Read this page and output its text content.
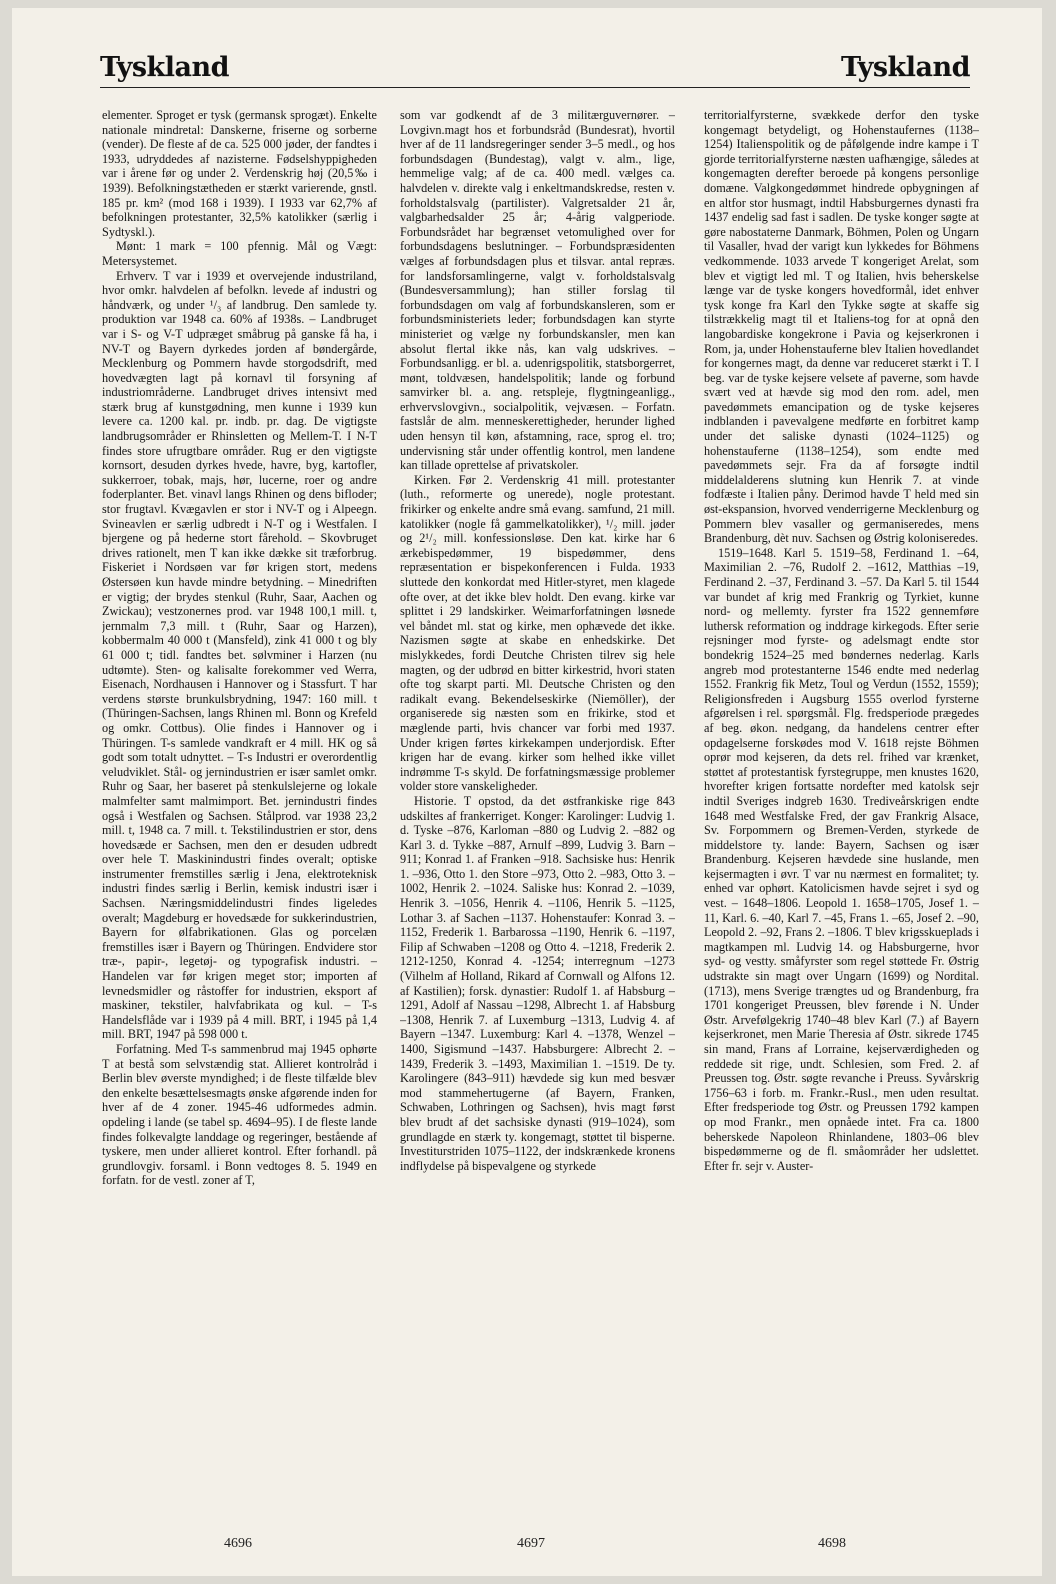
Tyskland	Tyskland

elementer. Sproget er tysk (germansk sprogæt). Enkelte nationale mindretal: Danskerne, friserne og sorberne (vender). De fleste af de ca. 525 000 jøder, der fandtes i 1933, udryddedes af nazisterne. Fødselshyppigheden var i årene før og under 2. Verdenskrig høj (20,5‰ i 1939). Befolkningstætheden er stærkt varierende, gnstl. 185 pr. km² (mod 168 i 1939). I 1933 var 62,7% af befolkningen protestanter, 32,5% katolikker (særlig i Sydtyskl.).

Mønt: 1 mark = 100 pfennig. Mål og Vægt: Metersystemet.

Erhverv. T var i 1939 et overvejende industriland, hvor omkr. halvdelen af befolkn. levede af industri og håndværk, og under ¹/₃ af landbrug. Den samlede ty. produktion var 1948 ca. 60% af 1938s. – Landbruget var i S- og V-T udpræget småbrug på ganske få ha, i NV-T og Bayern dyrkedes jorden af bøndergårde, Mecklenburg og Pommern havde storgodsdrift, med hovedvægten lagt på kornavl til forsyning af industriområderne. Landbruget drives intensivt med stærk brug af kunstgødning, men kunne i 1939 kun levere ca. 1200 kal. pr. indb. pr. dag. De vigtigste landbrugsområder er Rhinsletten og Mellem-T. I N-T findes store ufrugtbare områder. Rug er den vigtigste kornsort, desuden dyrkes hvede, havre, byg, kartofler, sukkerroer, tobak, majs, hør, lucerne, roer og andre foderplanter. Bet. vinavl langs Rhinen og dens bifloder; stor frugtavl. Kvægavlen er stor i NV-T og i Alpeegn. Svineavlen er særlig udbredt i N-T og i Westfalen. I bjergene og på hederne stort fårehold. – Skovbruget drives rationelt, men T kan ikke dække sit træforbrug. Fiskeriet i Nordsøen var før krigen stort, medens Østersøen kun havde mindre betydning. – Minedriften er vigtig; der brydes stenkul (Ruhr, Saar, Aachen og Zwickau); vestzonernes prod. var 1948 100,1 mill. t, jernmalm 7,3 mill. t (Ruhr, Saar og Harzen), kobbermalm 40 000 t (Mansfeld), zink 41 000 t og bly 61 000 t; tidl. fandtes bet. sølvminer i Harzen (nu udtømte). Sten- og kalisalte forekommer ved Werra, Eisenach, Nordhausen i Hannover og i Stassfurt. T har verdens største brunkulsbrydning, 1947: 160 mill. t (Thüringen-Sachsen, langs Rhinen ml. Bonn og Krefeld og omkr. Cottbus). Olie findes i Hannover og i Thüringen. T-s samlede vandkraft er 4 mill. HK og så godt som totalt udnyttet. – T-s Industri er overordentlig veludviklet. Stål- og jernindustrien er især samlet omkr. Ruhr og Saar, her baseret på stenkulslejerne og lokale malmfelter samt malmimport. Bet. jernindustri findes også i Westfalen og Sachsen. Stålprod. var 1938 23,2 mill. t, 1948 ca. 7 mill. t. Tekstilindustrien er stor, dens hovedsæde er Sachsen, men den er desuden udbredt over hele T. Maskinindustri findes overalt; optiske instrumenter fremstilles særlig i Jena, elektroteknisk industri findes særlig i Berlin, kemisk industri især i Sachsen. Næringsmiddelindustri findes ligeledes overalt; Magdeburg er hovedsæde for sukkerindustrien, Bayern for ølfabrikationen. Glas og porcelæn fremstilles især i Bayern og Thüringen. Endvidere stor træ-, papir-, legetøj- og typografisk industri. – Handelen var før krigen meget stor; importen af levnedsmidler og råstoffer for industrien, eksport af maskiner, tekstiler, halvfabrikata og kul. – T-s Handelsflåde var i 1939 på 4 mill. BRT, i 1945 på 1,4 mill. BRT, 1947 på 598 000 t.

Forfatning. Med T-s sammenbrud maj 1945 ophørte T at bestå som selvstændig stat. Allieret kontrolråd i Berlin blev øverste myndighed; i de fleste tilfælde blev den enkelte besættelsesmagts ønske afgørende inden for hver af de 4 zoner. 1945-46 udformedes admin. opdeling i lande (se tabel sp. 4694–95). I de fleste lande findes folkevalgte landdage og regeringer, bestående af tyskere, men under allieret kontrol. Efter forhandl. på grundlovgiv. forsaml. i Bonn vedtoges 8. 5. 1949 en forfatn. for de vestl. zoner af T,

som var godkendt af de 3 militærguvernører. – Lovgivn.magt hos et forbundsråd (Bundesrat), hvortil hver af de 11 landsregeringer sender 3–5 medl., og hos forbundsdagen (Bundestag), valgt v. alm., lige, hemmelige valg; af de ca. 400 medl. vælges ca. halvdelen v. direkte valg i enkeltmandskredse, resten v. forholdstalsvalg (partilister). Valgretsalder 21 år, valgbarhedsalder 25 år; 4-årig valgperiode. Forbundsrådet har begrænset vetomulighed over for forbundsdagens beslutninger. – Forbundspræsidenten vælges af forbundsdagen plus et tilsvar. antal repræs. for landsforsamlingerne, valgt v. forholdstalsvalg (Bundesversammlung); han stiller forslag til forbundsdagen om valg af forbundskansleren, som er forbundsministeriets leder; forbundsdagen kan styrte ministeriet og vælge ny forbundskansler, men kan absolut flertal ikke nås, kan valg udskrives. – Forbundsanligg. er bl. a. udenrigspolitik, statsborgerret, mønt, toldvæsen, handelspolitik; lande og forbund samvirker bl. a. ang. retspleje, flygtningeanligg., erhvervslovgivn., socialpolitik, vejvæsen. – Forfatn. fastslår de alm. menneskerettigheder, herunder lighed uden hensyn til køn, afstamning, race, sprog el. tro; undervisning står under offentlig kontrol, men landene kan tillade oprettelse af privatskoler.

Kirken. Før 2. Verdenskrig 41 mill. protestanter (luth., reformerte og unerede), nogle protestant. frikirker og enkelte andre små evang. samfund, 21 mill. katolikker (nogle få gammelkatolikker), ¹/₂ mill. jøder og 2¹/₂ mill. konfessionsløse. Den kat. kirke har 6 ærkebispedømmer, 19 bispedømmer, dens repræsentation er bispekonferencen i Fulda. 1933 sluttede den konkordat med Hitler-styret, men klagede ofte over, at det ikke blev holdt. Den evang. kirke var splittet i 29 landskirker. Weimarforfatningen løsnede vel båndet ml. stat og kirke, men ophævede det ikke. Nazismen søgte at skabe en enhedskirke. Det mislykkedes, fordi Deutche Christen tilrev sig hele magten, og der udbrød en bitter kirkestrid, hvori staten ofte tog skarpt parti. Ml. Deutsche Christen og den radikalt evang. Bekendelseskirke (Niemöller), der organiserede sig næsten som en frikirke, stod et mæglende parti, hvis chancer var forbi med 1937. Under krigen førtes kirkekampen underjordisk. Efter krigen har de evang. kirker som helhed ikke villet indrømme T-s skyld. De forfatningsmæssige problemer volder store vanskeligheder.

Historie. T opstod, da det østfrankiske rige 843 udskiltes af frankerriget. Konger: Karolinger: Ludvig 1. d. Tyske –876, Karloman –880 og Ludvig 2. –882 og Karl 3. d. Tykke –887, Arnulf –899, Ludvig 3. Barn –911; Konrad 1. af Franken –918. Sachsiske hus: Henrik 1. –936, Otto 1. den Store –973, Otto 2. –983, Otto 3. –1002, Henrik 2. –1024. Saliske hus: Konrad 2. –1039, Henrik 3. –1056, Henrik 4. –1106, Henrik 5. –1125, Lothar 3. af Sachen –1137. Hohenstaufer: Konrad 3. –1152, Frederik 1. Barbarossa –1190, Henrik 6. –1197, Filip af Schwaben –1208 og Otto 4. –1218, Frederik 2. 1212-1250, Konrad 4. -1254; interregnum –1273 (Vilhelm af Holland, Rikard af Cornwall og Alfons 12. af Kastilien); forsk. dynastier: Rudolf 1. af Habsburg –1291, Adolf af Nassau –1298, Albrecht 1. af Habsburg –1308, Henrik 7. af Luxemburg –1313, Ludvig 4. af Bayern –1347. Luxemburg: Karl 4. –1378, Wenzel –1400, Sigismund –1437. Habsburgere: Albrecht 2. –1439, Frederik 3. –1493, Maximilian 1. –1519. De ty. Karolingere (843–911) hævdede sig kun med besvær mod stammehertugerne (af Bayern, Franken, Schwaben, Lothringen og Sachsen), hvis magt først blev brudt af det sachsiske dynasti (919–1024), som grundlagde en stærk ty. kongemagt, støttet til bisperne. Investiturstriden 1075–1122, der indskrænkede kronens indflydelse på bispevalgene og styrkede

territorialfyrsterne, svækkede derfor den tyske kongemagt betydeligt, og Hohenstaufernes (1138–1254) Italienspolitik og de påfølgende indre kampe i T gjorde territorialfyrsterne næsten uafhængige, således at kongemagten derefter beroede på kongens personlige domæne. Valgkongedømmet hindrede opbygningen af en altfor stor husmagt, indtil Habsburgernes dynasti fra 1437 endelig sad fast i sadlen. De tyske konger søgte at gøre nabostaterne Danmark, Böhmen, Polen og Ungarn til Vasaller, hvad der varigt kun lykkedes for Böhmens vedkommende. 1033 arvede T kongeriget Arelat, som blev et vigtigt led ml. T og Italien, hvis beherskelse længe var de tyske kongers hovedformål, idet enhver tysk konge fra Karl den Tykke søgte at skaffe sig tilstrækkelig magt til et Italiens-tog for at opnå den langobardiske kongekrone i Pavia og kejserkronen i Rom, ja, under Hohenstauferne blev Italien hovedlandet for kongernes magt, da denne var reduceret stærkt i T. I beg. var de tyske kejsere velsete af paverne, som havde svært ved at hævde sig mod den rom. adel, men pavedømmets emancipation og de tyske kejseres indblanden i pavevalgene medførte en forbitret kamp under det saliske dynasti (1024–1125) og hohenstauferne (1138–1254), som endte med pavedømmets sejr. Fra da af forsøgte indtil middelalderens slutning kun Henrik 7. at vinde fodfæste i Italien påny. Derimod havde T held med sin øst-ekspansion, hvorved venderrigerne Mecklenburg og Pommern blev vasaller og germaniseredes, mens Brandenburg, dèt nuv. Sachsen og Østrig koloniseredes.

1519–1648. Karl 5. 1519–58, Ferdinand 1. –64, Maximilian 2. –76, Rudolf 2. –1612, Matthias –19, Ferdinand 2. –37, Ferdinand 3. –57. Da Karl 5. til 1544 var bundet af krig med Frankrig og Tyrkiet, kunne nord- og mellemty. fyrster fra 1522 gennemføre luthersk reformation og inddrage kirkegods. Efter serie rejsninger mod fyrste- og adelsmagt endte stor bondekrig 1524–25 med bøndernes nederlag. Karls angreb mod protestanterne 1546 endte med nederlag 1552. Frankrig fik Metz, Toul og Verdun (1552, 1559); Religionsfreden i Augsburg 1555 overlod fyrsterne afgørelsen i rel. spørgsmål. Flg. fredsperiode prægedes af beg. økon. nedgang, da handelens centrer efter opdagelserne forskødes mod V. 1618 rejste Böhmen oprør mod kejseren, da dets rel. frihed var krænket, støttet af protestantisk fyrstegruppe, men knustes 1620, hvorefter krigen fortsatte nordefter med katolsk sejr indtil Sveriges indgreb 1630. Trediveårskrigen endte 1648 med Westfalske Fred, der gav Frankrig Alsace, Sv. Forpommern og Bremen-Verden, styrkede de middelstore ty. lande: Bayern, Sachsen og især Brandenburg. Kejseren hævdede sine huslande, men kejsermagten i øvr. T var nu nærmest en formalitet; ty. enhed var ophørt. Katolicismen havde sejret i syd og vest. – 1648–1806. Leopold 1. 1658–1705, Josef 1. –11, Karl. 6. –40, Karl 7. –45, Frans 1. –65, Josef 2. –90, Leopold 2. –92, Frans 2. –1806. T blev krigsskueplads i magtkampen ml. Ludvig 14. og Habsburgerne, hvor syd- og vestty. småfyrster som regel støttede Fr. Østrig udstrakte sin magt over Ungarn (1699) og Nordital. (1713), mens Sverige trængtes ud og Brandenburg, fra 1701 kongeriget Preussen, blev førende i N. Under Østr. Arvefølgekrig 1740–48 blev Karl (7.) af Bayern kejserkronet, men Marie Theresia af Østr. sikrede 1745 sin mand, Frans af Lorraine, kejserværdigheden og reddede sit rige, undt. Schlesien, som Fred. 2. af Preussen tog. Østr. søgte revanche i Preuss. Syvårskrig 1756–63 i forb. m. Frankr.-Rusl., men uden resultat. Efter fredsperiode tog Østr. og Preussen 1792 kampen op mod Frankr., men opnåede intet. Fra ca. 1800 beherskede Napoleon Rhinlandene, 1803–06 blev bispedømmerne og de fl. småområder her udslettet. Efter fr. sejr v. Auster-

4696	4697	4698
